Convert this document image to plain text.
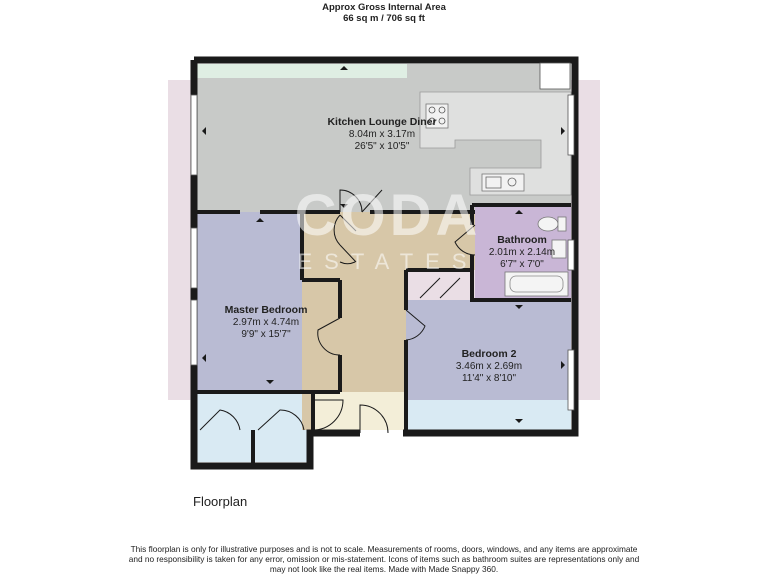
Approx Gross Internal Area
66 sq m / 706 sq ft
CODA
ESTATES
Kitchen Lounge Diner
8.04m x 3.17m
26'5" x 10'5"
Bathroom
2.01m x 2.14m
6'7" x 7'0"
Master Bedroom
2.97m x 4.74m
9'9" x 15'7"
Bedroom 2
3.46m x 2.69m
11'4" x 8'10"
Floorplan
This floorplan is only for illustrative purposes and is not to scale. Measurements of rooms, doors, windows, and any items are approximate
and no responsibility is taken for any error, omission or mis-statement. Icons of items such as bathroom suites are representations only and
may not look like the real items. Made with Made Snappy 360.
